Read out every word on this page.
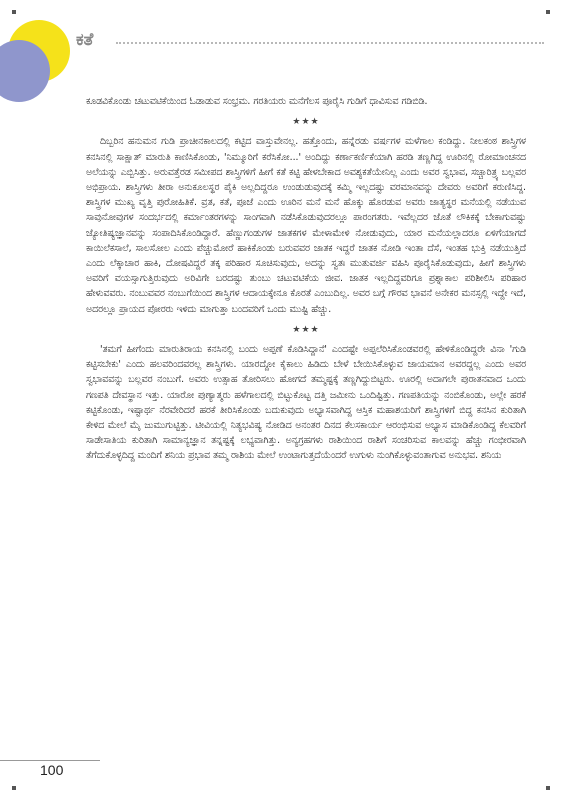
ಕತೆ

ಕೂಡವಿಕೊಂಡು ಚಟುವಟಿಕೆಯಿಂದ ಓಡಾಡುವ ಸಂಭ್ರಮ. ಗರತಿಯರು ಮನೆಗೆಲಸ ಪೂರೈಸಿ ಗುಡಿಗೆ ಧಾವಿಸುವ ಗಡಿಬಿಡಿ.

★★★

ದಿಬ್ಬರಿನ ಹನುಮನ ಗುಡಿ ಪ್ರಾಚೀನಕಾಲದಲ್ಲಿ ಕಟ್ಟಿದ ವಾಸ್ತುವೇನಲ್ಲ. ಹತ್ತೊಂದು, ಹನ್ನೆರಡು ವರ್ಷಗಳ ಮಳೆಗಾಲ ಕಂಡಿದ್ದು. ನೀಲಕಂಠ ಶಾಸ್ತ್ರಿಗಳ ಕನಸಿನಲ್ಲಿ ಸಾಕ್ಷಾತ್ ಮಾರುತಿ ಕಾಣಿಸಿಕೊಂಡು, 'ನಿಮ್ಮೂರಿಗೆ ಕರೆಸಿಕೋ...' ಅಂದಿದ್ದು ಕರ್ಣಾಕರ್ಣಿಕೆಯಾಗಿ ಹರಡಿ ತಣ್ಣಗಿದ್ದ ಊರಿನಲ್ಲಿ ರೋಮಾಂಚನದ ಅಲೆಯನ್ನು ಎಬ್ಬಿಸಿತ್ತು. ಅರುವತ್ತೆರಡ ಸಮೀಪದ ಶಾಸ್ತ್ರಿಗಳಿಗೆ ಹೀಗೆ ಕತೆ ಕಟ್ಟಿ ಹೇಳಬೇಕಾದ ಅವಶ್ಯಕತೆಯೇನಿಲ್ಲ ಎಂದು ಅವರ ಸ್ವಭಾವ, ಸಚ್ಚಾರಿತ್ರ್ಯ ಬಲ್ಲವರ ಅಭಿಪ್ರಾಯ. ಶಾಸ್ತ್ರಿಗಳು ತೀರಾ ಅನುಕೂಲಸ್ಥರ ಪೈಕಿ ಅಲ್ಲದಿದ್ದರೂ ಉಂಡುಡುವುದಕ್ಕೆ ಕಮ್ಮಿ ಇಲ್ಲದಷ್ಟು ವರಮಾನವನ್ನು ದೇವರು ಅವರಿಗೆ ಕರುಣಿಸಿದ್ದ. ಶಾಸ್ತ್ರಿಗಳ ಮುಖ್ಯ ವೃತ್ತಿ ಪುರೋಹಿತಿಕೆ. ವ್ರತ, ಕತೆ, ಪೂಜೆ ಎಂದು ಊರಿನ ಮನೆ ಮನೆ ಹೊಕ್ಕು ಹೊರಡುವ ಅವರು ಜಾತ್ಯಸ್ಥರ ಮನೆಯಲ್ಲಿ ನಡೆಯುವ ಸಾವುನೋವುಗಳ ಸಂದರ್ಭದಲ್ಲಿ ಕರ್ಮಾಂತರಗಳನ್ನು ಸಾಂಗವಾಗಿ ನಡೆಸಿಕೊಡುವುದರಲ್ಲೂ ಪಾರಂಗತರು. ಇವೆಲ್ಲದರ ಜೊತೆ ಲೌಕಿಕಕ್ಕೆ ಬೇಕಾಗುವಷ್ಟು ಜ್ಯೋತಿಷ್ಯಜ್ಞಾನವನ್ನು ಸಂಪಾದಿಸಿಕೊಂಡಿದ್ದಾರೆ. ಹೆಣ್ಣುಗಂಡುಗಳ ಜಾತಕಗಳ ಮೇಳಾಮೇಳಿ ನೋಡುವುದು, ಯಾರ ಮನೆಯಲ್ಲಾದರೂ ಏಳಿಗೆಯಾಗದೆ ಕಾಯಿಲೆಕಸಾಲೆ, ಸಾಲಸೋಲ ಎಂದು ಪೆಚ್ಚುಮೋರೆ ಹಾಕಿಕೊಂಡು ಬರುವವರ ಜಾತಕ ಇದ್ದರೆ ಜಾತಕ ನೋಡಿ ಇಂತಾ ದೆಸೆ, ಇಂತಹ ಭುಕ್ತಿ ನಡೆಯುತ್ತಿದೆ ಎಂದು ಲೆಕ್ಕಾಚಾರ ಹಾಕಿ, ದೋಷವಿದ್ದರೆ ತಕ್ಕ ಪರಿಹಾರ ಸೂಚಿಸುವುದು, ಅದನ್ನು ಸ್ವತಃ ಮುತುವರ್ಜಿ ವಹಿಸಿ ಪೂರೈಸಿಕೊಡುವುದು, ಹೀಗೆ ಶಾಸ್ತ್ರಿಗಳು ಅವರಿಗೆ ವಯಸ್ಸಾಗುತ್ತಿರುವುದು ಅರಿವಿಗೇ ಬರದಷ್ಟು ತುಂಬು ಚಟುವಟಿಕೆಯ ಜೀವ. ಜಾತಕ ಇಲ್ಲದಿದ್ದವರಿಗೂ ಪ್ರಶ್ನಾಕಾಲ ಪರಿಶೀಲಿಸಿ ಪರಿಹಾರ ಹೇಳುವವರು. ನಂಬುವವರ ನಂಬುಗೆಯಿಂದ ಶಾಸ್ತ್ರಿಗಳ ಆದಾಯಕ್ಕೇನೂ ಕೊರತೆ ಎಂಬುದಿಲ್ಲ. ಅವರ ಬಗ್ಗೆ ಗೌರವ ಭಾವನೆ ಅನೇಕರ ಮನಸ್ಸಲ್ಲಿ ಇದ್ದೇ ಇದೆ, ಅದರಲ್ಲೂ ಪ್ರಾಯದ ಪೋರರು ಇಳಿದು ಮಾಗುತ್ತಾ ಬಂದವರಿಗೆ ಒಂದು ಮುಷ್ಟಿ ಹೆಚ್ಚು.

★★★

'ತಮಗೆ ಹೀಗೆಂದು ಮಾರುತಿರಾಯ ಕನಸಿನಲ್ಲಿ ಬಂದು ಅಪ್ಪಣೆ ಕೊಡಿಸಿದ್ದಾನೆ' ಎಂದಷ್ಟೇ ಅಪ್ಪಲೆರಿಸಿಕೊಂಡವರಲ್ಲಿ ಹೇಳಿಕೊಂಡಿದ್ದರೇ ವಿನಾ 'ಗುಡಿ ಕಟ್ಟಿಸಬೇಕು' ಎಂದು ಹಲವರಿಂದವರಲ್ಲ ಶಾಸ್ತ್ರಿಗಳು. ಯಾರದ್ದೋ ಕೈಕಾಲು ಹಿಡಿದು ಬೇಳೆ ಬೇಯಿಸಿಕೊಳ್ಳುವ ಜಾಯಮಾನ ಅವರದ್ದಲ್ಲ ಎಂದು ಅವರ ಸ್ವಭಾವವನ್ನು ಬಲ್ಲವರ ನಂಬುಗೆ. ಅವರು ಉತ್ಸಾಹ ತೋರಿಸಲು ಹೋಗದೆ ತಮ್ಮಷ್ಟಕ್ಕೆ ತಣ್ಣಗಿದ್ದುಬಿಟ್ಟರು. ಊರಲ್ಲಿ ಅದಾಗಲೇ ಪುರಾತನವಾದ ಒಂದು ಗಣಪತಿ ದೇವಸ್ಥಾನ ಇತ್ತು. ಯಾರೋ ಪುಣ್ಯಾತ್ಮರು ಹಳೆಗಾಲದಲ್ಲಿ ಬಿಟ್ಟುಕೊಟ್ಟ ದತ್ತಿ ಜಮೀನು ಒಂದಿಷ್ಟಿತ್ತು. ಗಣಪತಿಯನ್ನು ನಂಬಿಕೊಂಡು, ಅಲ್ಲೇ ಹರಕೆ ಕಟ್ಟಿಕೊಂಡು, ಇಷ್ಟಾರ್ಥ ನೆರವೇರಿದರೆ ಹರಕೆ ತೀರಿಸಿಕೊಂಡು ಬದುಕುವುದು ಅಭ್ಯಾಸವಾಗಿದ್ದ ಆಸ್ತಿಕ ಮಹಾಶಯರಿಗೆ ಶಾಸ್ತ್ರಿಗಳಿಗೆ ಬಿದ್ದ ಕನಸಿನ ಕುರಿತಾಗಿ ಕೇಳಿದ ಮೇಲೆ ಮೈ ಜುಮುಗುಟ್ಟಿತ್ತು. ಟೀವಿಯಲ್ಲಿ ನಿತ್ಯಭವಿಷ್ಯ ನೋಡಿದ ಅನಂತರ ದಿನದ ಕೆಲಸಕಾರ್ಯ ಆರಂಭಿಸುವ ಅಭ್ಯಾಸ ಮಾಡಿಕೊಂಡಿದ್ದ ಕೆಲವರಿಗೆ ಸಾಡೇಸಾತಿಯ ಕುರಿತಾಗಿ ಸಾಮಾನ್ಯಜ್ಞಾನ ತನ್ನಷ್ಟಕ್ಕೆ ಲಭ್ಯವಾಗಿತ್ತು. ಅನ್ಯಗ್ರಹಗಳು ರಾಶಿಯಿಂದ ರಾಶಿಗೆ ಸಂಚರಿಸುವ ಕಾಲವನ್ನು ಹೆಚ್ಚು ಗಂಭೀರವಾಗಿ ತೆಗೆದುಕೊಳ್ಳದಿದ್ದ ಮಂದಿಗೆ ಶನಿಯ ಪ್ರಭಾವ ತಮ್ಮ ರಾಶಿಯ ಮೇಲೆ ಉಂಟಾಗುತ್ತದೆಯೆಂದರೆ ಉಗುಳು ನುಂಗಿಕೊಳ್ಳುವಂತಾಗುವ ಅನುಭವ. ಶನಿಯ

100
